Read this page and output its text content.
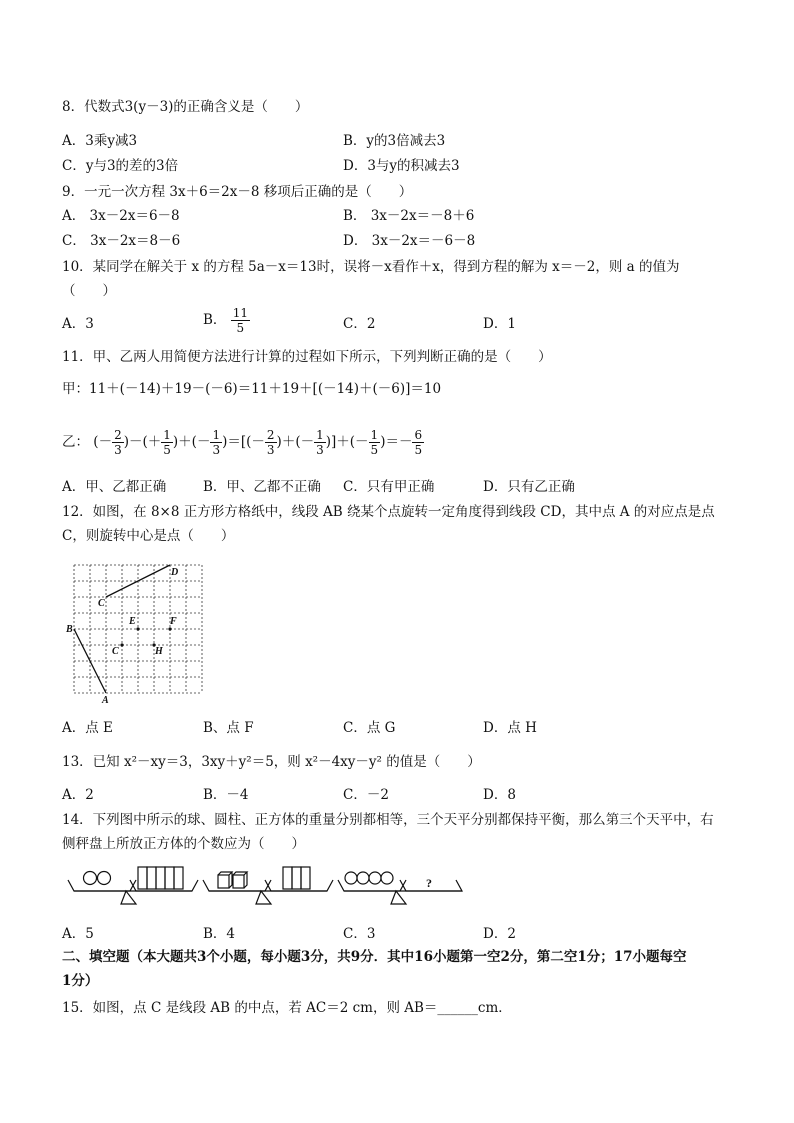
8．代数式3(y－3)的正确含义是（　　）
A．3乘y减3	B．y的3倍减去3
C．y与3的差的3倍	D．3与y的积减去3
9．一元一次方程 3x＋6＝2x－8 移项后正确的是（　　）
A． 3x－2x＝6－8	B． 3x－2x＝－8＋6
C． 3x－2x＝8－6	D． 3x－2x＝－6－8
10．某同学在解关于 x 的方程 5a－x＝13时，误将－x看作＋x，得到方程的解为 x＝－2，则 a 的值为
（　　）
A．3	B． $\frac{11}{5}$	C．2	D．1
11．甲、乙两人用简便方法进行计算的过程如下所示，下列判断正确的是（　　）
甲：11＋(－14)＋19－(－6)＝11＋19＋[(－14)＋(－6)]＝10
乙： (－ $\frac{2}{3}$ )－(＋ $\frac{1}{5}$ )＋(－ $\frac{1}{3}$ )＝[(－ $\frac{2}{3}$ )＋(－ $\frac{1}{3}$ )]＋(－ $\frac{1}{5}$ )＝－ $\frac{6}{5}$
A．甲、乙都正确	B．甲、乙都不正确 C．只有甲正确	D．只有乙正确
12．如图，在 8×8 正方形方格纸中，线段 AB 绕某个点旋转一定角度得到线段 CD，其中点 A 的对应点是点
C，则旋转中心是点（　　）
D
C
B
E	F
C	H
A
A．点 E	B、点 F	C．点 G	D．点 H
13．已知 x²－xy＝3，3xy＋y²＝5，则 x²－4xy－y² 的值是（　　）
A．2	B．－4	C．－2	D．8
14．下列图中所示的球、圆柱、正方体的重量分别都相等，三个天平分别都保持平衡，那么第三个天平中，右
侧秤盘上所放正方体的个数应为（　　）
?
A．5	B．4	C．3	D．2
二、填空题（本大题共3个小题，每小题3分，共9分．其中16小题第一空2分，第二空1分；17小题每空
1分）
15．如图，点 C 是线段 AB 的中点，若 AC＝2 cm，则 AB＝______cm．
